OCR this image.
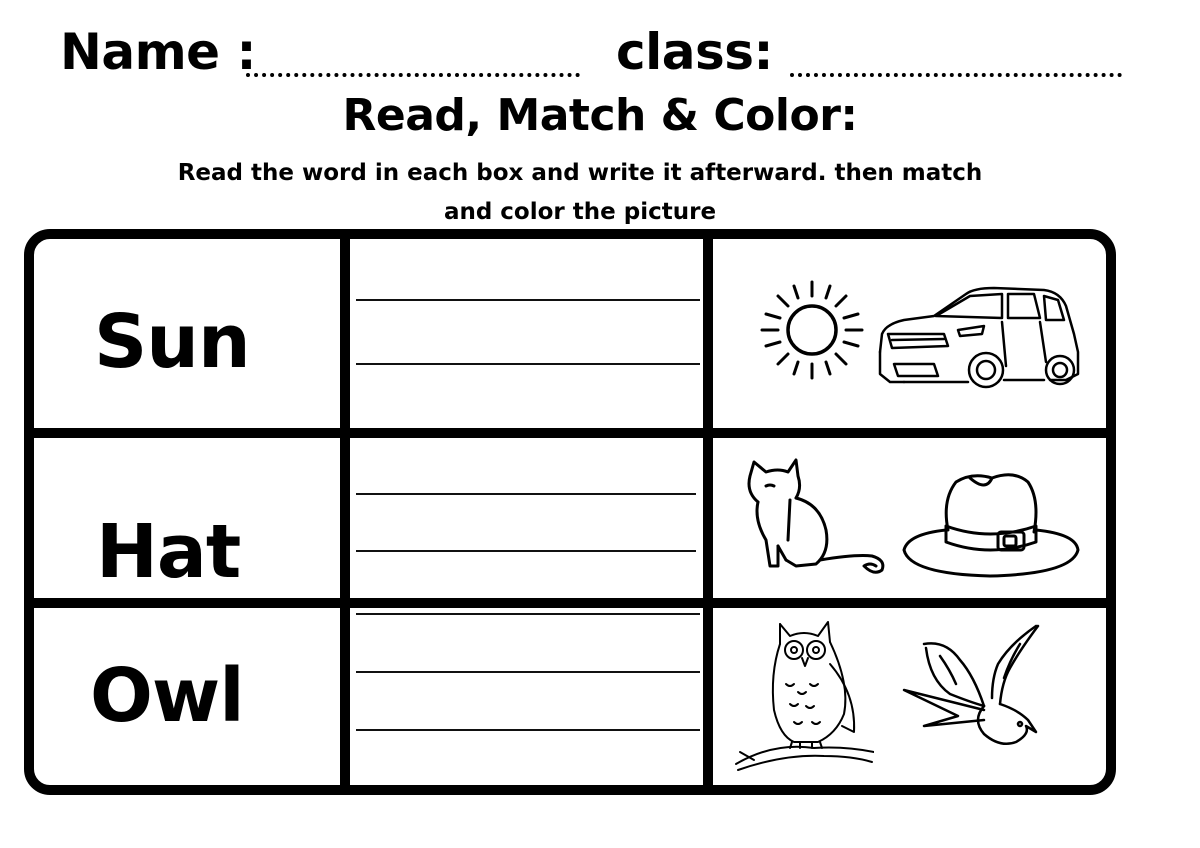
Name :	class:
Read, Match & Color:
Read the word in each box and write it afterward. then match
and color the picture
Sun
Hat
Owl
